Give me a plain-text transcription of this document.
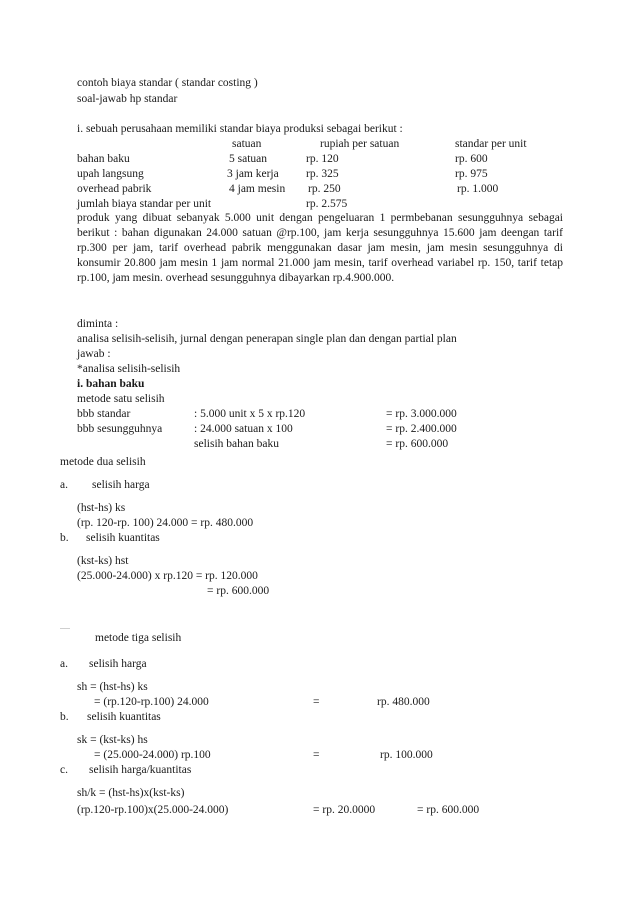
contoh biaya standar ( standar costing )
soal-jawab hp standar
i. sebuah perusahaan memiliki standar biaya produksi sebagai berikut :
satuan	rupiah per satuan	standar per unit
bahan baku	5 satuan	rp. 120	rp. 600
upah langsung	3 jam kerja rp. 325	rp. 975
overhead pabrik	4 jam mesin rp. 250	rp. 1.000
jumlah biaya standar per unit	rp. 2.575
produk yang dibuat sebanyak 5.000 unit dengan pengeluaran 1 permbebanan sesungguhnya sebagai berikut : bahan digunakan 24.000 satuan @rp.100, jam kerja sesungguhnya 15.600 jam deengan tarif rp.300 per jam, tarif overhead pabrik menggunakan dasar jam mesin, jam mesin sesungguhnya di konsumir 20.800 jam mesin 1 jam normal 21.000 jam mesin, tarif overhead variabel rp. 150, tarif tetap rp.100, jam mesin. overhead sesungguhnya dibayarkan rp.4.900.000.
diminta :
analisa selisih-selisih, jurnal dengan penerapan single plan dan dengan partial plan
jawab :
*analisa selisih-selisih
i. bahan baku
metode satu selisih
bbb standar	: 5.000 unit x 5 x rp.120	= rp. 3.000.000
bbb sesungguhnya	: 24.000 satuan x 100	= rp. 2.400.000
selisih bahan baku	= rp. 600.000
metode dua selisih
a. selisih harga
(hst-hs) ks
(rp. 120-rp. 100) 24.000 = rp. 480.000
b. selisih kuantitas
(kst-ks) hst
(25.000-24.000) x rp.120 = rp. 120.000
= rp. 600.000
metode tiga selisih
a. selisih harga
sh = (hst-hs) ks
= (rp.120-rp.100) 24.000	=	rp. 480.000
b. selisih kuantitas
sk = (kst-ks) hs
= (25.000-24.000) rp.100	=	rp. 100.000
c. selisih harga/kuantitas
sh/k = (hst-hs)x(kst-ks)
(rp.120-rp.100)x(25.000-24.000)	= rp. 20.0000	= rp. 600.000
